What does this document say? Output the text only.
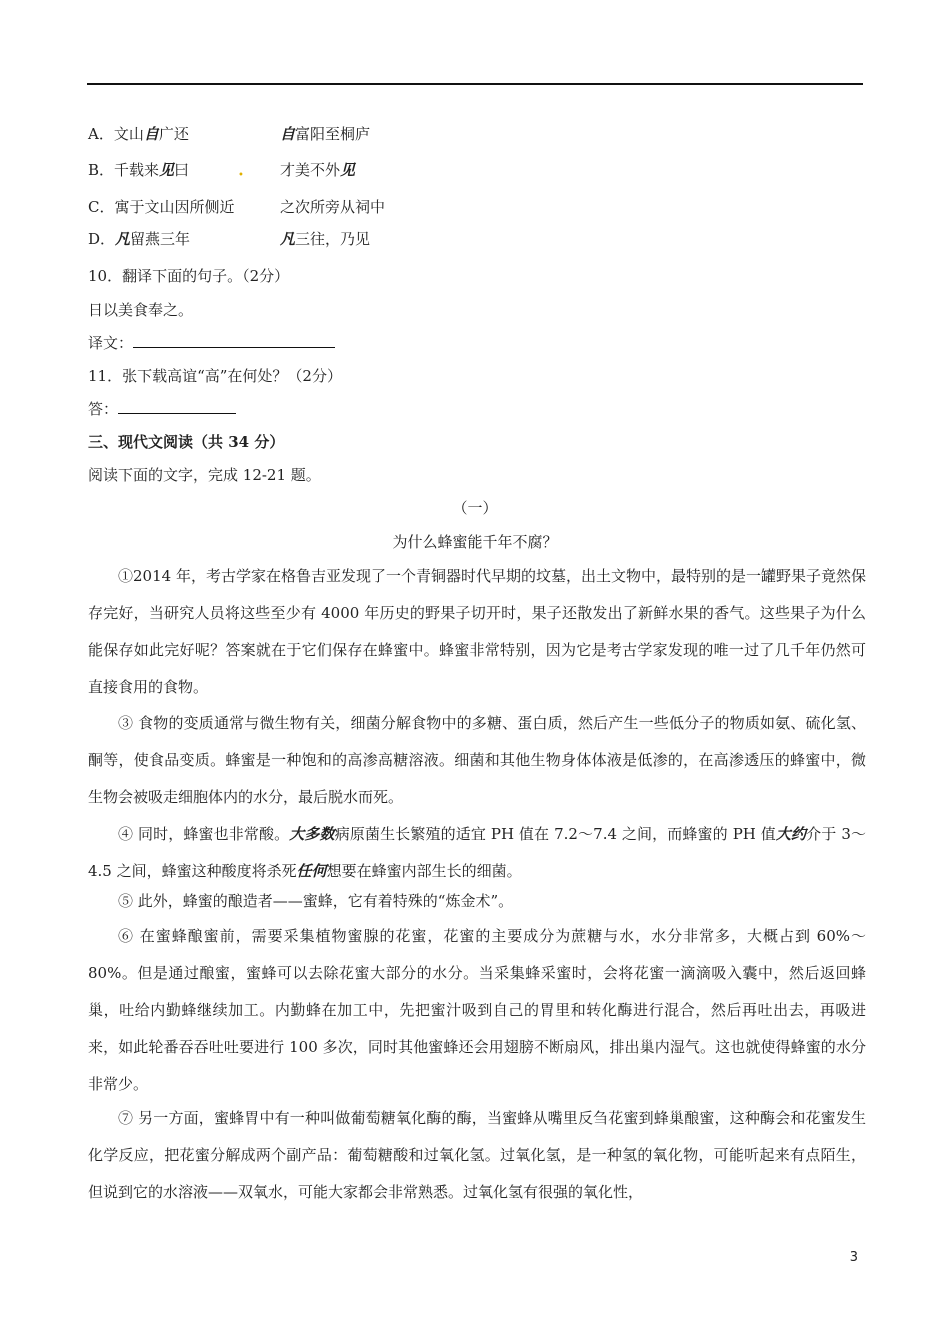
A．文山自广还	自富阳至桐庐
B．千载来见曰	才美不外见
•
C．寓于文山因所侧近	之次所旁从祠中
D．凡留燕三年	凡三往，乃见
10．翻译下面的句子。（2分）
日以美食奉之。
译文：
11．张下载高谊“高”在何处？（2分）
答：
三、现代文阅读（共 34 分）
阅读下面的文字，完成 12-21 题。
（一）
为什么蜂蜜能千年不腐？
①2014 年，考古学家在格鲁吉亚发现了一个青铜器时代早期的坟墓，出土文物中，最特别的是一罐野果子竟然保存完好，当研究人员将这些至少有 4000 年历史的野果子切开时，果子还散发出了新鲜水果的香气。这些果子为什么能保存如此完好呢？答案就在于它们保存在蜂蜜中。蜂蜜非常特别，因为它是考古学家发现的唯一过了几千年仍然可直接食用的食物。
③ 食物的变质通常与微生物有关，细菌分解食物中的多糖、蛋白质，然后产生一些低分子的物质如氨、硫化氢、酮等，使食品变质。蜂蜜是一种饱和的高渗高糖溶液。细菌和其他生物身体体液是低渗的，在高渗透压的蜂蜜中，微生物会被吸走细胞体内的水分，最后脱水而死。
④ 同时，蜂蜜也非常酸。大多数病原菌生长繁殖的适宜 PH 值在 7.2～7.4 之间，而蜂蜜的 PH 值大约介于 3～4.5 之间，蜂蜜这种酸度将杀死任何想要在蜂蜜内部生长的细菌。
⑤ 此外，蜂蜜的酿造者——蜜蜂，它有着特殊的“炼金术”。
⑥ 在蜜蜂酿蜜前，需要采集植物蜜腺的花蜜，花蜜的主要成分为蔗糖与水，水分非常多，大概占到 60%～80%。但是通过酿蜜，蜜蜂可以去除花蜜大部分的水分。当采集蜂采蜜时，会将花蜜一滴滴吸入囊中，然后返回蜂巢，吐给内勤蜂继续加工。内勤蜂在加工中，先把蜜汁吸到自己的胃里和转化酶进行混合，然后再吐出去，再吸进来，如此轮番吞吞吐吐要进行 100 多次，同时其他蜜蜂还会用翅膀不断扇风，排出巢内湿气。这也就使得蜂蜜的水分非常少。
⑦ 另一方面，蜜蜂胃中有一种叫做葡萄糖氧化酶的酶，当蜜蜂从嘴里反刍花蜜到蜂巢酿蜜，这种酶会和花蜜发生化学反应，把花蜜分解成两个副产品：葡萄糖酸和过氧化氢。过氧化氢，是一种氢的氧化物，可能听起来有点陌生，但说到它的水溶液——双氧水，可能大家都会非常熟悉。过氧化氢有很强的氧化性，
3
